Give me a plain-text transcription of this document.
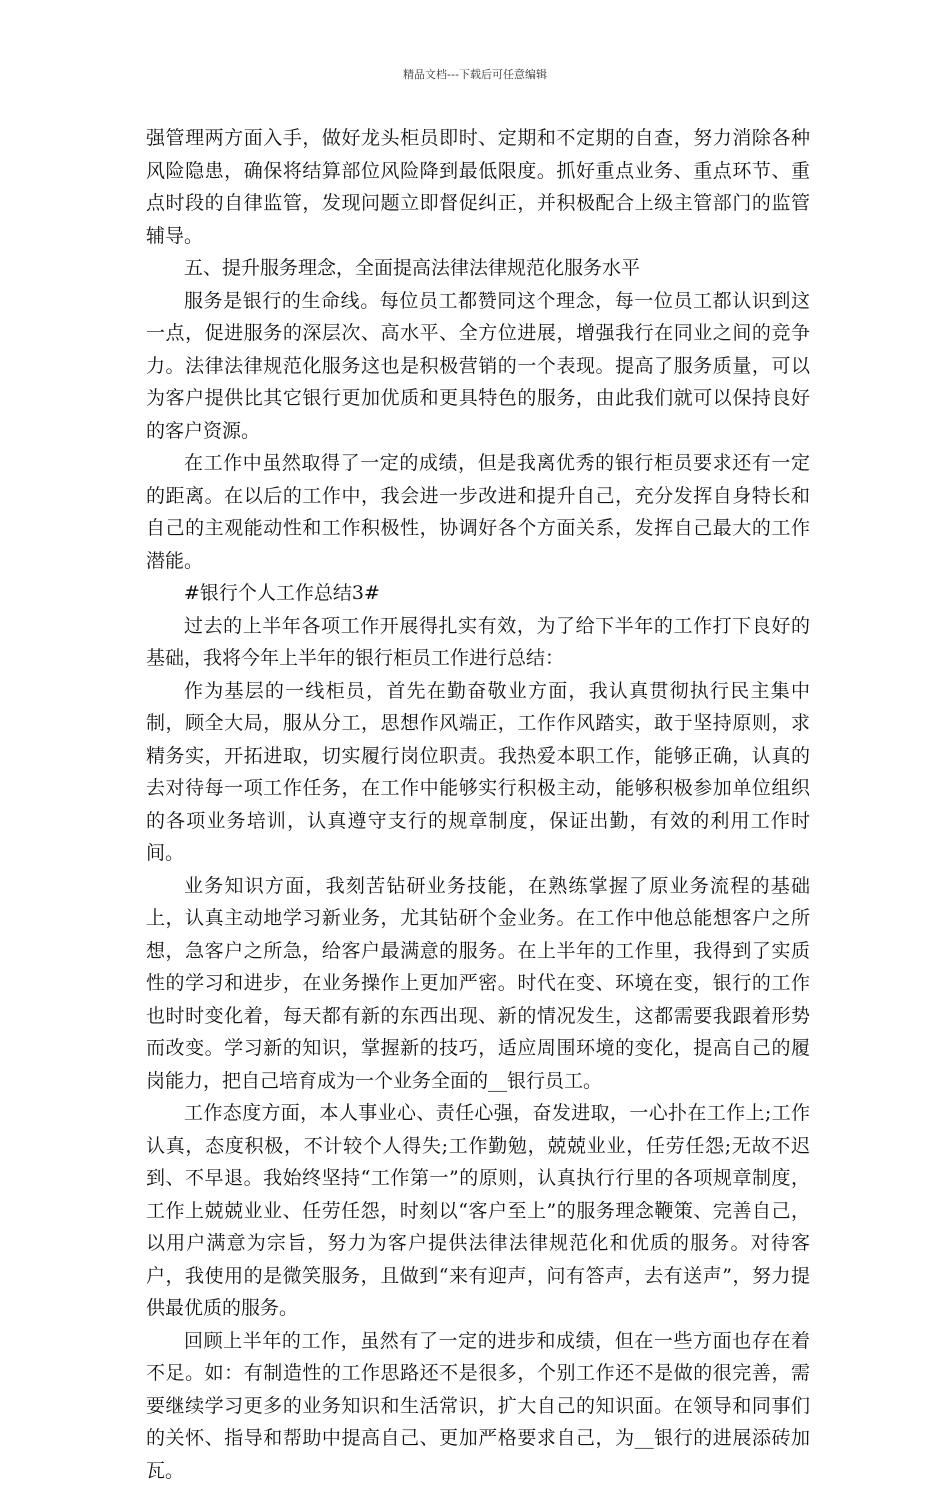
精品文档---下载后可任意编辑

强管理两方面入手，做好龙头柜员即时、定期和不定期的自查，努力消除各种风险隐患，确保将结算部位风险降到最低限度。抓好重点业务、重点环节、重点时段的自律监管，发现问题立即督促纠正，并积极配合上级主管部门的监管辅导。

五、提升服务理念，全面提高法律法律规范化服务水平

服务是银行的生命线。每位员工都赞同这个理念，每一位员工都认识到这一点，促进服务的深层次、高水平、全方位进展，增强我行在同业之间的竞争力。法律法律规范化服务这也是积极营销的一个表现。提高了服务质量，可以为客户提供比其它银行更加优质和更具特色的服务，由此我们就可以保持良好的客户资源。

在工作中虽然取得了一定的成绩，但是我离优秀的银行柜员要求还有一定的距离。在以后的工作中，我会进一步改进和提升自己，充分发挥自身特长和自己的主观能动性和工作积极性，协调好各个方面关系，发挥自己最大的工作潜能。

#银行个人工作总结3#

过去的上半年各项工作开展得扎实有效，为了给下半年的工作打下良好的基础，我将今年上半年的银行柜员工作进行总结：

作为基层的一线柜员，首先在勤奋敬业方面，我认真贯彻执行民主集中制，顾全大局，服从分工，思想作风端正，工作作风踏实，敢于坚持原则，求精务实，开拓进取，切实履行岗位职责。我热爱本职工作，能够正确，认真的去对待每一项工作任务，在工作中能够实行积极主动，能够积极参加单位组织的各项业务培训，认真遵守支行的规章制度，保证出勤，有效的利用工作时间。

业务知识方面，我刻苦钻研业务技能，在熟练掌握了原业务流程的基础上，认真主动地学习新业务，尤其钻研个金业务。在工作中他总能想客户之所想，急客户之所急，给客户最满意的服务。在上半年的工作里，我得到了实质性的学习和进步，在业务操作上更加严密。时代在变、环境在变，银行的工作也时时变化着，每天都有新的东西出现、新的情况发生，这都需要我跟着形势而改变。学习新的知识，掌握新的技巧，适应周围环境的变化，提高自己的履岗能力，把自己培育成为一个业务全面的__银行员工。

工作态度方面，本人事业心、责任心强，奋发进取，一心扑在工作上;工作认真，态度积极，不计较个人得失;工作勤勉，兢兢业业，任劳任怨;无故不迟到、不早退。我始终坚持“工作第一”的原则，认真执行行里的各项规章制度，工作上兢兢业业、任劳任怨，时刻以“客户至上”的服务理念鞭策、完善自己，以用户满意为宗旨，努力为客户提供法律法律规范化和优质的服务。对待客户，我使用的是微笑服务，且做到“来有迎声，问有答声，去有送声”，努力提供最优质的服务。

回顾上半年的工作，虽然有了一定的进步和成绩，但在一些方面也存在着不足。如：有制造性的工作思路还不是很多，个别工作还不是做的很完善，需要继续学习更多的业务知识和生活常识，扩大自己的知识面。在领导和同事们的关怀、指导和帮助中提高自己、更加严格要求自己，为__银行的进展添砖加瓦。
